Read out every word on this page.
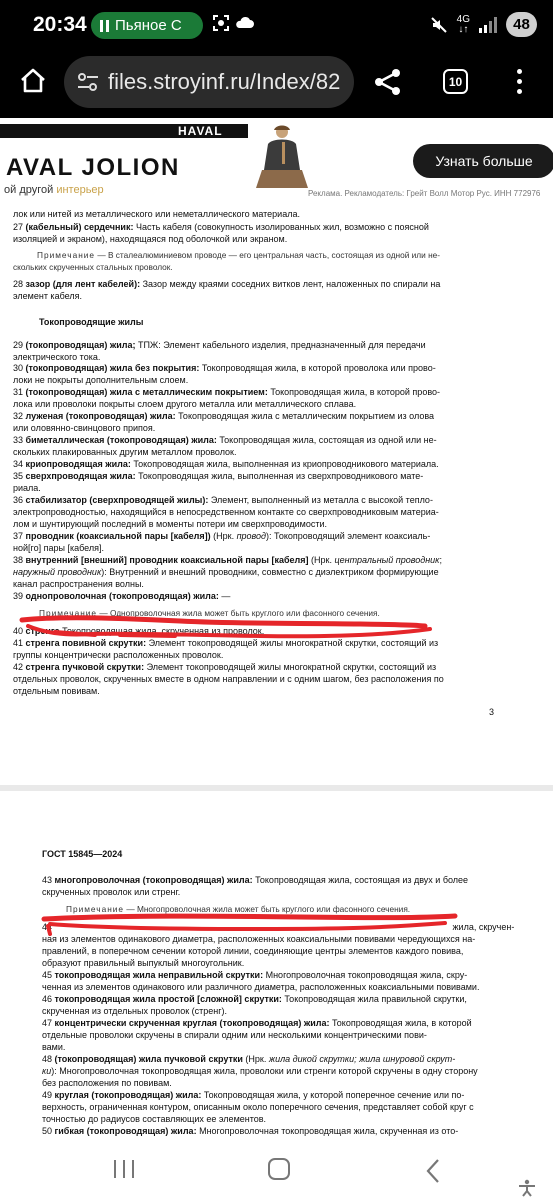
20:34 Пьяное С	4G
↓↑	48
files.stroyinf.ru/Index/82	10
HAVAL
AVAL JOLION
ой другой интерьер
Узнать больше
Реклама. Рекламодатель: Грейт Волл Мотор Рус. ИНН 772976
лок или нитей из металлического или неметаллического материала.
27 (кабельный) сердечник: Часть кабеля (совокупность изолированных жил, возможно с поясной
изоляцией и экраном), находящаяся под оболочкой или экраном.
Примечание — В сталеалюминиевом проводе — его центральная часть, состоящая из одной или не-
скольких скрученных стальных проволок.
28 зазор (для лент кабелей): Зазор между краями соседних витков лент, наложенных по спирали на
элемент кабеля.
Токопроводящие жилы
29 (токопроводящая) жила; ТПЖ: Элемент кабельного изделия, предназначенный для передачи
электрического тока.
30 (токопроводящая) жила без покрытия: Токопроводящая жила, в которой проволока или прово-
локи не покрыты дополнительным слоем.
31 (токопроводящая) жила с металлическим покрытием: Токопроводящая жила, в которой прово-
лока или проволоки покрыты слоем другого металла или металлического сплава.
32 луженая (токопроводящая) жила: Токопроводящая жила с металлическим покрытием из олова
или оловянно-свинцового припоя.
33 биметаллическая (токопроводящая) жила: Токопроводящая жила, состоящая из одной или не-
скольких плакированных другим металлом проволок.
34 криопроводящая жила: Токопроводящая жила, выполненная из криопроводникового материала.
35 сверхпроводящая жила: Токопроводящая жила, выполненная из сверхпроводникового мате-
риала.
36 стабилизатор (сверхпроводящей жилы): Элемент, выполненный из металла с высокой тепло-
электропроводностью, находящийся в непосредственном контакте со сверхпроводниковым материа-
лом и шунтирующий последний в моменты потери им сверхпроводимости.
37 проводник (коаксиальной пары [кабеля]) (Нрк. провод): Токопроводящий элемент коаксиаль-
ной[го] пары [кабеля].
38 внутренний [внешний] проводник коаксиальной пары [кабеля] (Нрк. центральный проводник;
наружный проводник): Внутренний и внешний проводники, совместно с диэлектриком формирующие
канал распространения волны.
39 однопроволочная (токопроводящая) жила: —
Примечание — Однопроволочная жила может быть круглого или фасонного сечения.
40 стренга Токопроводящая жила, скрученная из проволок.
41 стренга повивной скрутки: Элемент токопроводящей жилы многократной скрутки, состоящий из
группы концентрически расположенных проволок.
42 стренга пучковой скрутки: Элемент токопроводящей жилы многократной скрутки, состоящий из
отдельных проволок, скрученных вместе в одном направлении и с одним шагом, без расположения по
отдельным повивам.
3
ГОСТ 15845—2024
43 многопроволочная (токопроводящая) жила: Токопроводящая жила, состоящая из двух и более
скрученных проволок или стренг.
Примечание — Многопроволочная жила может быть круглого или фасонного сечения.
44	жила, скручен-
ная из элементов одинакового диаметра, расположенных коаксиальными повивами чередующихся на-
правлений, в поперечном сечении которой линии, соединяющие центры элементов каждого повива,
образуют правильный выпуклый многоугольник.
45 токопроводящая жила неправильной скрутки: Многопроволочная токопроводящая жила, скру-
ченная из элементов одинакового или различного диаметра, расположенных коаксиальными повивами.
46 токопроводящая жила простой [сложной] скрутки: Токопроводящая жила правильной скрутки,
скрученная из отдельных проволок (стренг).
47 концентрически скрученная круглая (токопроводящая) жила: Токопроводящая жила, в которой
отдельные проволоки скручены в спирали одним или несколькими концентрическими пови-
вами.
48 (токопроводящая) жила пучковой скрутки (Нрк. жила дикой скрутки; жила шнуровой скрут-
ки): Многопроволочная токопроводящая жила, проволоки или стренги которой скручены в одну сторону
без расположения по повивам.
49 круглая (токопроводящая) жила: Токопроводящая жила, у которой поперечное сечение или по-
верхность, ограниченная контуром, описанным около поперечного сечения, представляет собой круг с
точностью до радиусов составляющих ее элементов.
50 гибкая (токопроводящая) жила: Многопроволочная токопроводящая жила, скрученная из ото-
